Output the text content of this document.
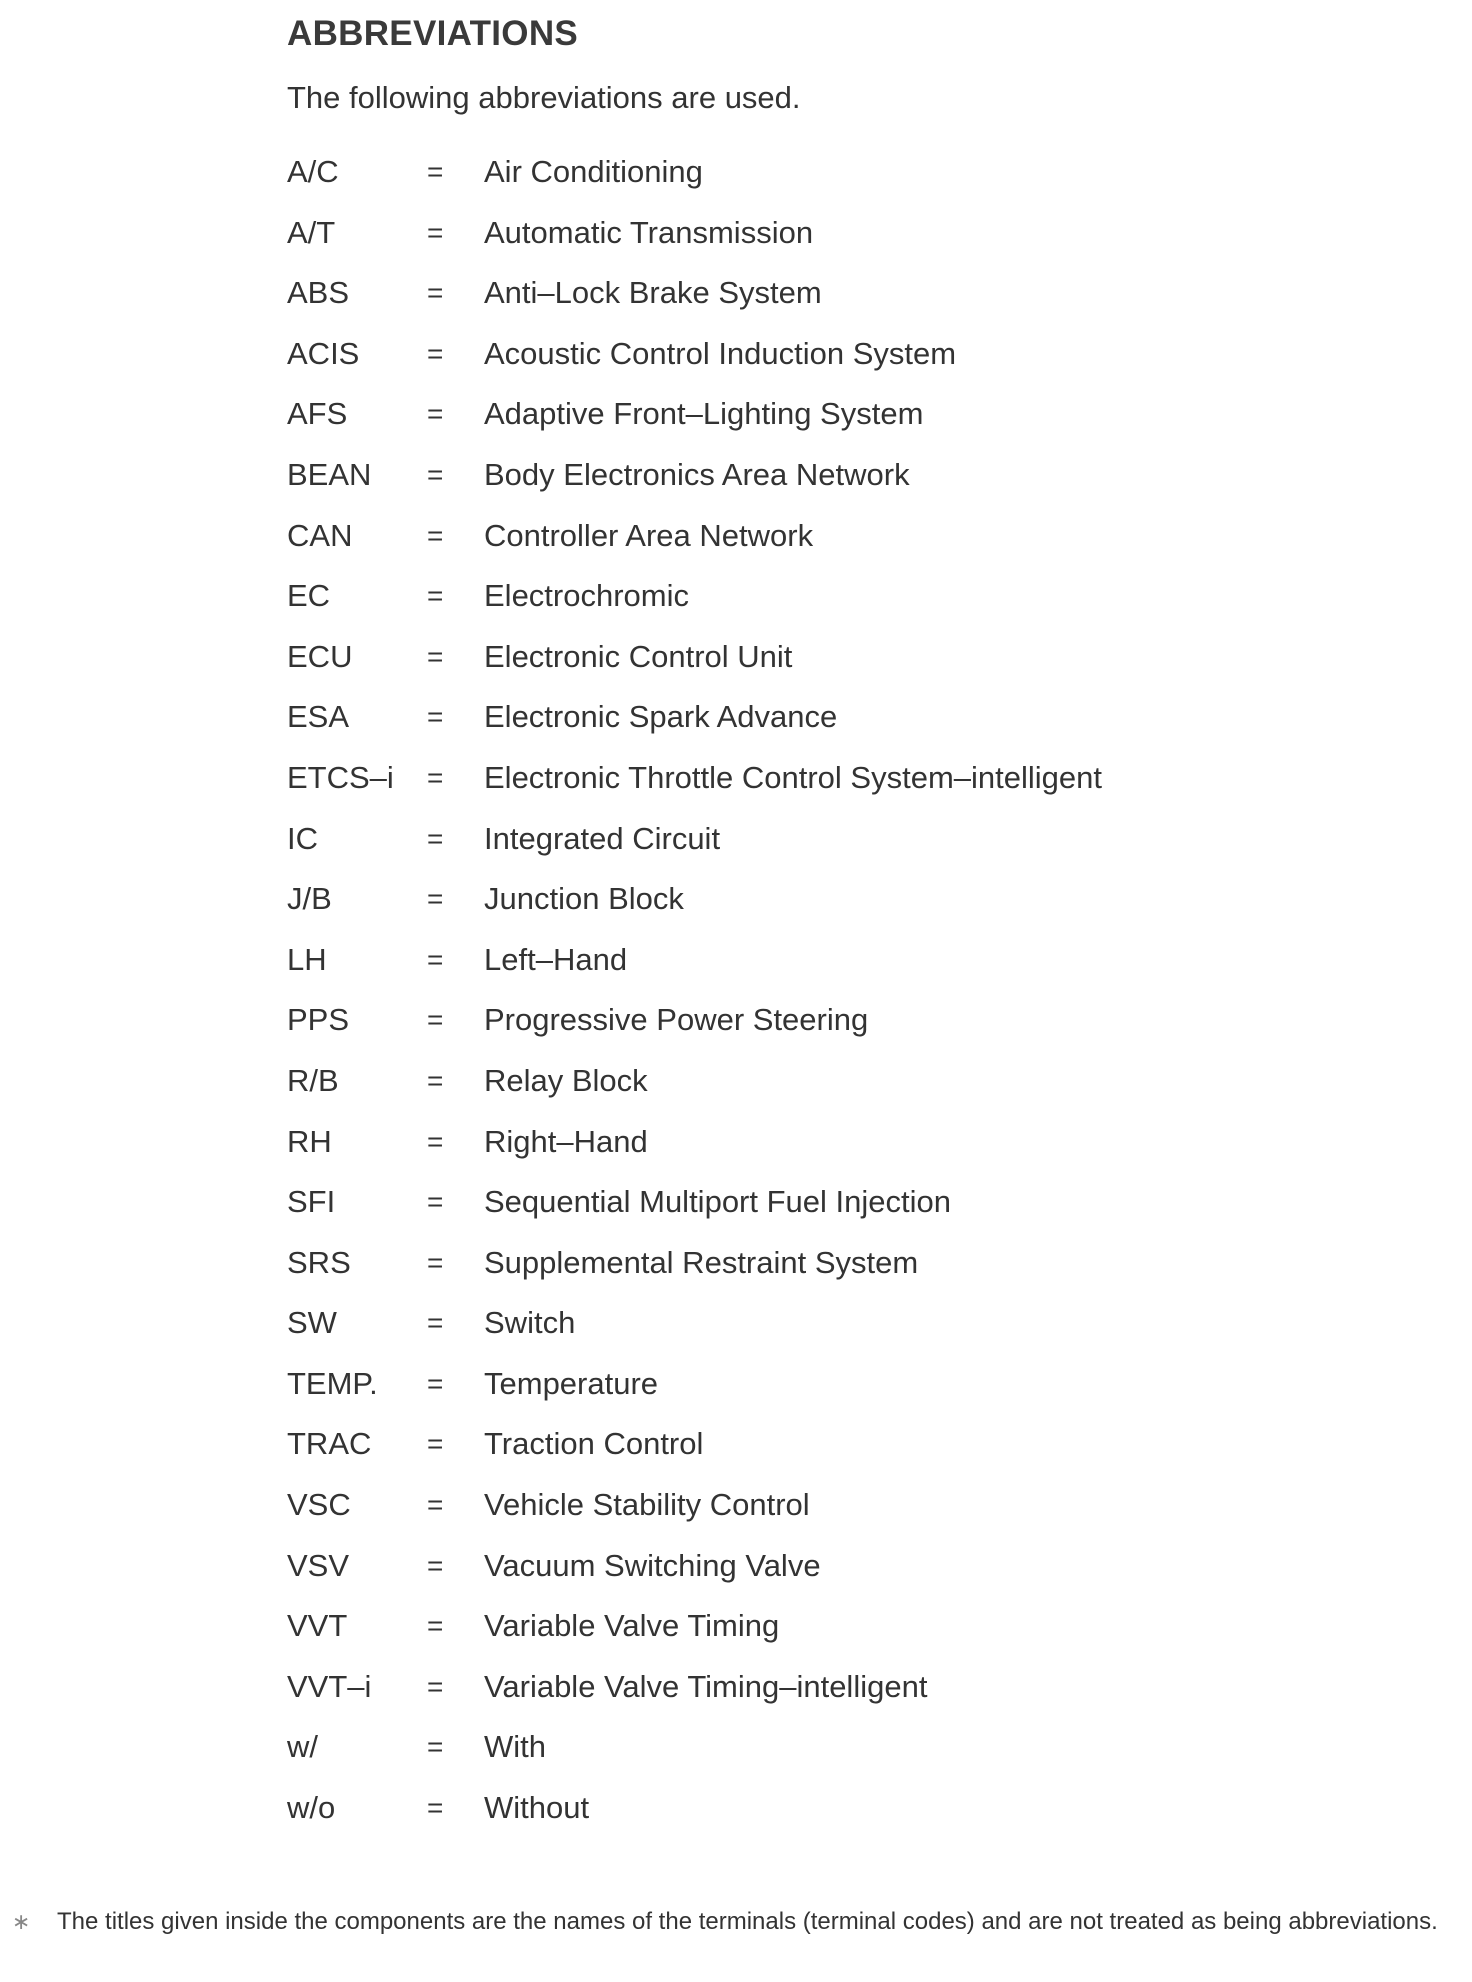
ABBREVIATIONS
The following abbreviations are used.
A/C	= Air Conditioning
A/T	= Automatic Transmission
ABS	= Anti–Lock Brake System
ACIS = Acoustic Control Induction System
AFS	= Adaptive Front–Lighting System
BEAN = Body Electronics Area Network
CAN	= Controller Area Network
EC	= Electrochromic
ECU	= Electronic Control Unit
ESA	= Electronic Spark Advance
ETCS–i = Electronic Throttle Control System–intelligent
IC	= Integrated Circuit
J/B	= Junction Block
LH	= Left–Hand
PPS	= Progressive Power Steering
R/B	= Relay Block
RH	= Right–Hand
SFI	= Sequential Multiport Fuel Injection
SRS	= Supplemental Restraint System
SW	= Switch
TEMP. = Temperature
TRAC = Traction Control
VSC	= Vehicle Stability Control
VSV	= Vacuum Switching Valve
VVT	= Variable Valve Timing
VVT–i = Variable Valve Timing–intelligent
w/	= With
w/o	= Without
∗ The titles given inside the components are the names of the terminals (terminal codes) and are not treated as being abbreviations.
